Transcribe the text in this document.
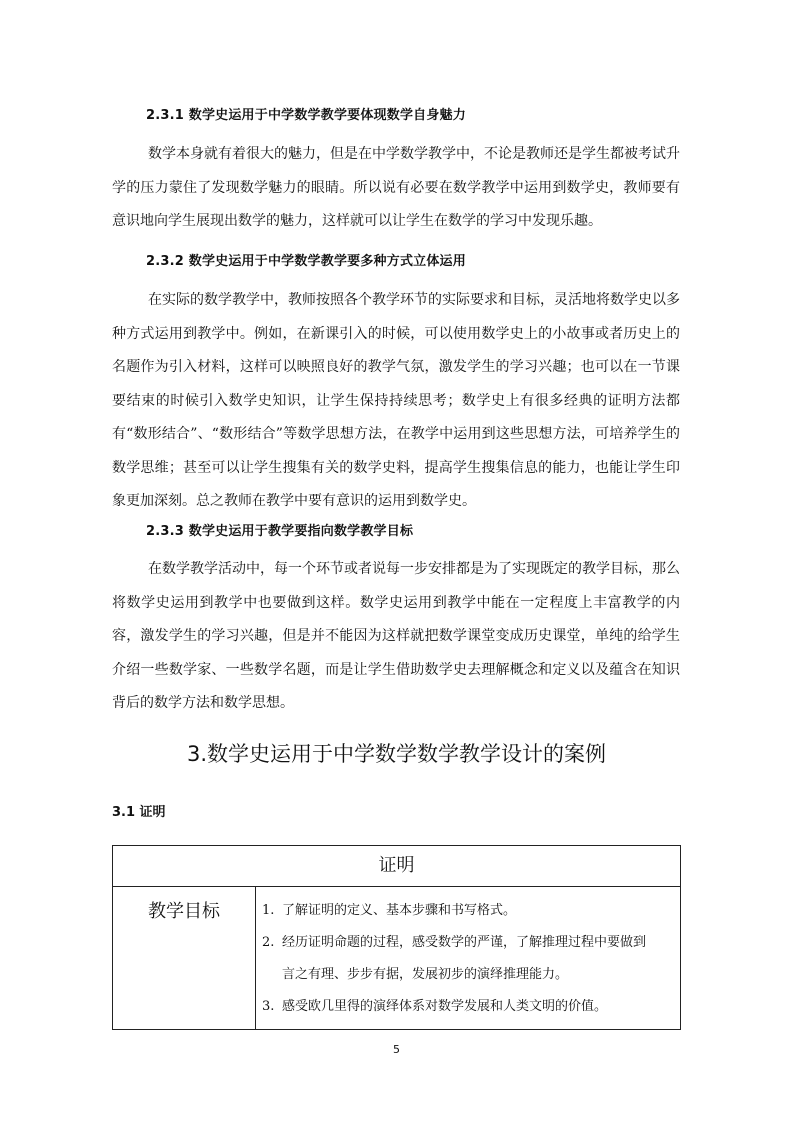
2.3.1 数学史运用于中学数学教学要体现数学自身魅力

数学本身就有着很大的魅力，但是在中学数学教学中，不论是教师还是学生都被考试升学的压力蒙住了发现数学魅力的眼睛。所以说有必要在数学教学中运用到数学史，教师要有意识地向学生展现出数学的魅力，这样就可以让学生在数学的学习中发现乐趣。

2.3.2 数学史运用于中学数学教学要多种方式立体运用

在实际的数学教学中，教师按照各个教学环节的实际要求和目标，灵活地将数学史以多种方式运用到教学中。例如，在新课引入的时候，可以使用数学史上的小故事或者历史上的名题作为引入材料，这样可以映照良好的教学气氛，激发学生的学习兴趣；也可以在一节课要结束的时候引入数学史知识，让学生保持持续思考；数学史上有很多经典的证明方法都有“数形结合”、“数形结合”等数学思想方法，在教学中运用到这些思想方法，可培养学生的数学思维；甚至可以让学生搜集有关的数学史料，提高学生搜集信息的能力，也能让学生印象更加深刻。总之教师在教学中要有意识的运用到数学史。

2.3.3 数学史运用于教学要指向数学教学目标

在数学教学活动中，每一个环节或者说每一步安排都是为了实现既定的教学目标，那么将数学史运用到教学中也要做到这样。数学史运用到教学中能在一定程度上丰富教学的内容，激发学生的学习兴趣，但是并不能因为这样就把数学课堂变成历史课堂，单纯的给学生介绍一些数学家、一些数学名题，而是让学生借助数学史去理解概念和定义以及蕴含在知识背后的数学方法和数学思想。

3.数学史运用于中学数学数学教学设计的案例
3.1 证明
证明
教学目标	1. 了解证明的定义、基本步骤和书写格式。
2. 经历证明命题的过程，感受数学的严谨，了解推理过程中要做到
言之有理、步步有据，发展初步的演绎推理能力。
3. 感受欧几里得的演绎体系对数学发展和人类文明的价值。
5
